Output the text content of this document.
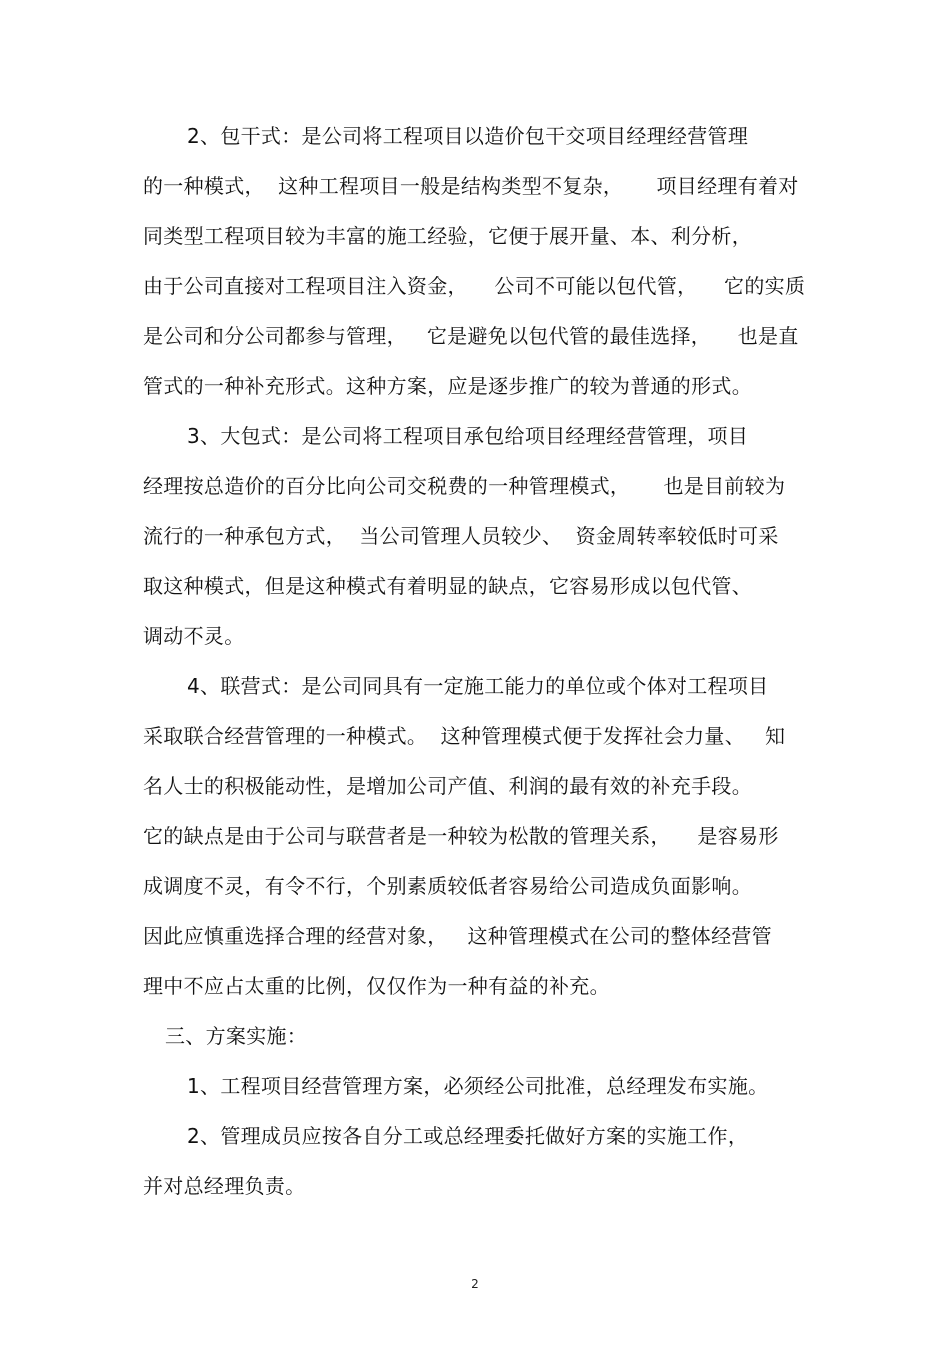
2、包干式：是公司将工程项目以造价包干交项目经理经营管理
的一种模式，  这种工程项目一般是结构类型不复杂，     项目经理有着对
同类型工程项目较为丰富的施工经验，它便于展开量、本、利分析，
由于公司直接对工程项目注入资金，    公司不可能以包代管，    它的实质
是公司和分公司都参与管理，   它是避免以包代管的最佳选择，    也是直
管式的一种补充形式。这种方案，应是逐步推广的较为普通的形式。
3、大包式：是公司将工程项目承包给项目经理经营管理，项目
经理按总造价的百分比向公司交税费的一种管理模式，     也是目前较为
流行的一种承包方式，  当公司管理人员较少、  资金周转率较低时可采
取这种模式，但是这种模式有着明显的缺点，它容易形成以包代管、
调动不灵。
4、联营式：是公司同具有一定施工能力的单位或个体对工程项目
采取联合经营管理的一种模式。  这种管理模式便于发挥社会力量、   知
名人士的积极能动性，是增加公司产值、利润的最有效的补充手段。
它的缺点是由于公司与联营者是一种较为松散的管理关系，    是容易形
成调度不灵，有令不行，个别素质较低者容易给公司造成负面影响。
因此应慎重选择合理的经营对象，   这种管理模式在公司的整体经营管
理中不应占太重的比例，仅仅作为一种有益的补充。
三、方案实施：
1、工程项目经营管理方案，必须经公司批准，总经理发布实施。
2、管理成员应按各自分工或总经理委托做好方案的实施工作，
并对总经理负责。
2
